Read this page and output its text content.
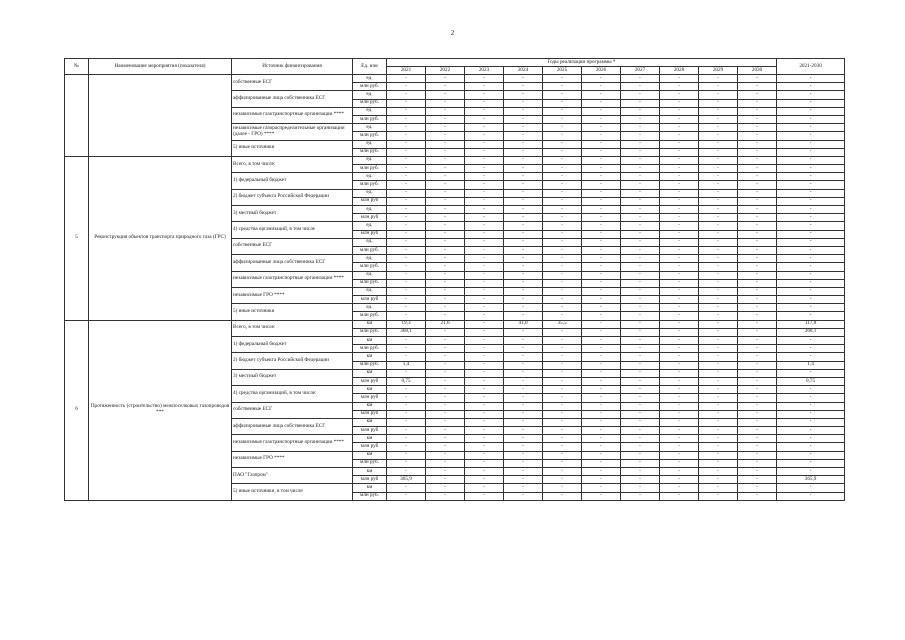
2
№	Наименование мероприятия (показателя)	Источник финансирования	Ед. изм	Годы реализации программы *										2021-2030
				2021	2022	2023	2024	2025	2026	2027	2028	2029	2030	
		собственные ЕСГ	ед.	-	-	-	-	-	-	-	-	-	-	-
			млн руб.	-	-	-	-	-	-	-	-	-	-	-
		аффилированные лица собственника ЕСГ	ед.	-	-	-	-	-	-	-	-	-	-	-
			млн руб.	-	-	-	-	-	-	-	-	-	-	-
		независимые газотранспортные организации ****	ед.	-	-	-	-	-	-	-	-	-	-	-
			млн руб.	-	-	-	-	-	-	-	-	-	-	-
		независимые газораспределительные организации (далее - ГРО) ****	ед.	-	-	-	-	-	-	-	-	-	-	-
			млн руб.	-	-	-	-	-	-	-	-	-	-	-
		5) иные источники	ед.	-	-	-	-	-	-	-	-	-	-	-
			млн руб.	-	-	-	-	-	-	-	-	-	-	-
5	Реконструкция объектов транспорта природного газа (ГРС)	Всего, в том числе:	ед.	-	-	-	-	-	-	-	-	-	-	-
			млн руб.	-	-	-	-	-	-	-	-	-	-	-
		1) федеральный бюджет	ед.	-	-	-	-	-	-	-	-	-	-	-
			млн руб.	-	-	-	-	-	-	-	-	-	-	-
		2) бюджет субъекта Российской Федерации	ед.	-	-	-	-	-	-	-	-	-	-	-
			млн руб	-	-	-	-	-	-	-	-	-	-	-
		3) местный бюджет	ед.	-	-	-	-	-	-	-	-	-	-	-
			млн руб	-	-	-	-	-	-	-	-	-	-	-
		4) средства организаций, в том числе	ед.	-	-	-	-	-	-	-	-	-	-	-
			млн руб	-	-	-	-	-	-	-	-	-	-	-
		собственные ЕСГ	ед.	-	-	-	-	-	-	-	-	-	-	-
			млн руб.	-	-	-	-	-	-	-	-	-	-	-
		аффилированные лица собственника ЕСГ	ед.	-	-	-	-	-	-	-	-	-	-	-
			млн руб.	-	-	-	-	-	-	-	-	-	-	-
		независимые газотранспортные организации ****	ед.	-	-	-	-	-	-	-	-	-	-	-
			млн руб.	-	-	-	-	-	-	-	-	-	-	-
		независимые ГРО ****	ед.	-	-	-	-	-	-	-	-	-	-	-
			млн руб	-	-	-	-	-	-	-	-	-	-	-
		5) иные источники	ед.	-	-	-	-	-	-	-	-	-	-	-
			млн руб.	-	-	-	-	-	-	-	-	-	-	-
6	Протяженность (строительство) межпоселковых газопроводов ***	Всего, в том числе:	км	19,3	21,6	-	41,0	35,5	-	-	-	-	-	117,8
			млн руб.	368,1	-	-	-	-	-	-	-	-	-	368,1
		1) федеральный бюджет	км	-	-	-	-	-	-	-	-	-	-	-
			млн руб.	-	-	-	-	-	-	-	-	-	-	-
		2) бюджет субъекта Российской Федерации	км	-	-	-	-	-	-	-	-	-	-	-
			млн руб.	1,4	-	-	-	-	-	-	-	-	-	1,4
		3) местный бюджет	км	-	-	-	-	-	-	-	-	-	-	-
			млн руб	0,75	-	-	-	-	-	-	-	-	-	0,75
		4) средства организаций, в том числе:	км	-	-	-	-	-	-	-	-	-	-	-
			млн руб	-	-	-	-	-	-	-	-	-	-	-
		собственные ЕСГ	км	-	-	-	-	-	-	-	-	-	-	-
			млн руб	-	-	-	-	-	-	-	-	-	-	-
		аффилированные лица собственника ЕСГ	км	-	-	-	-	-	-	-	-	-	-	-
			млн руб	-	-	-	-	-	-	-	-	-	-	-
		независимые газотранспортные организации ****	км	-	-	-	-	-	-	-	-	-	-	-
			млн руб	-	-	-	-	-	-	-	-	-	-	-
		независимые ГРО ****	км	-	-	-	-	-	-	-	-	-	-	-
			млн руб.	-	-	-	-	-	-	-	-	-	-	-
		ПАО "Газпром"	км	-	-	-	-	-	-	-	-	-	-	-
			млн руб	365,9	-	-	-	-	-	-	-	-	-	365,9
		5) иные источники, в том числе	км	-	-	-	-	-	-	-	-	-	-	-
			млн руб.	-	-	-	-	-	-	-	-	-	-	-
